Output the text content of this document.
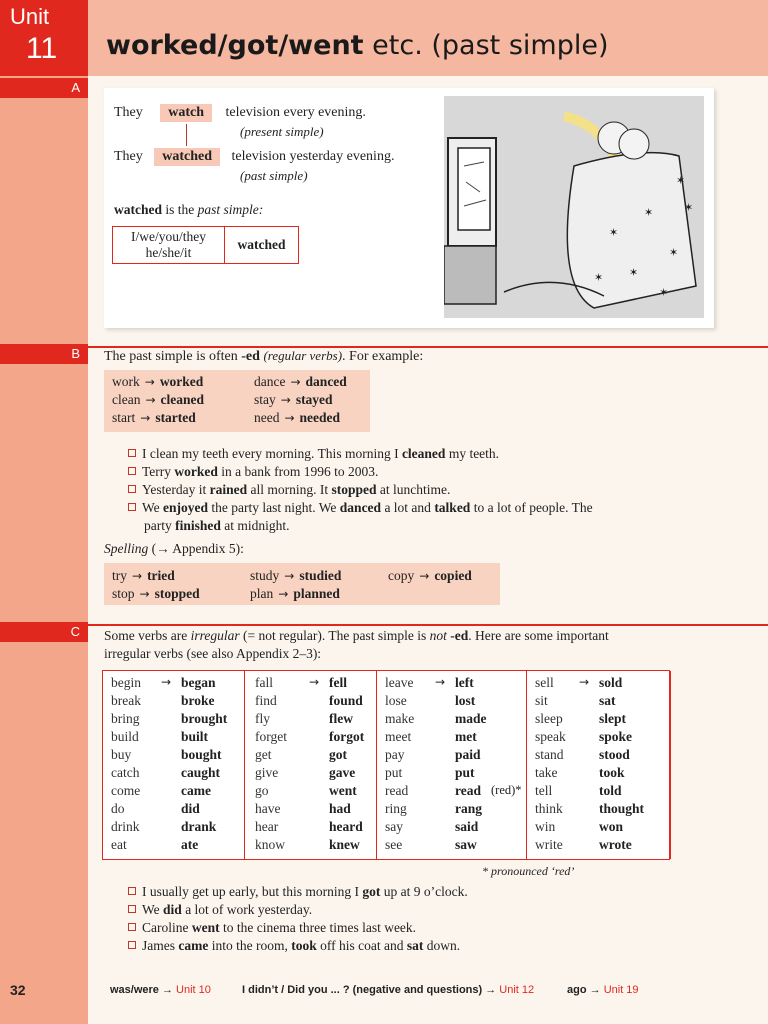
Unit
11 worked/got/went etc. (past simple)
A
They watch television every evening.
(present simple)
They watched television yesterday evening.
(past simple)
watched is the past simple:
I/we/you/they
he/she/it
	watched
✶
✶
✶
✶
✶
✶
✶
✶
B	The past simple is often -ed (regular verbs). For example:
work → worked
clean → cleaned
start → started
dance → danced
stay → stayed
need → needed
I clean my teeth every morning. This morning I cleaned my teeth.
Terry worked in a bank from 1996 to 2003.
Yesterday it rained all morning. It stopped at lunchtime.
We enjoyed the party last night. We danced a lot and talked to a lot of people. The
party finished at midnight.
Spelling (→ Appendix 5):
try → tried
stop → stopped
study → studied
plan → planned
copy → copied
C	Some verbs are irregular (= not regular). The past simple is not -ed. Here are some important
irregular verbs (see also Appendix 2–3):
begin → began
break	broke
bring	brought
build	built
buy	bought
catch	caught
come	came
do	did
drink	drank
eat	ate
fall	→ fell
find	found
fly	flew
forget	forgot
get	got
give	gave
go	went
have	had
hear	heard
know	knew
leave → left
lose	lost
make	made
meet	met
pay	paid
put	put
read	read (red)*
ring	rang
say	said
see	saw
sell → sold
sit	sat
sleep	slept
speak spoke
stand	stood
take	took
tell	told
think	thought
win	won
write	wrote
* pronounced ‘red’
I usually get up early, but this morning I got up at 9 o’clock.
We did a lot of work yesterday.
Caroline went to the cinema three times last week.
James came into the room, took off his coat and sat down.
32	was/were → Unit 10	I didn’t / Did you ... ? (negative and questions) → Unit 12	ago → Unit 19
